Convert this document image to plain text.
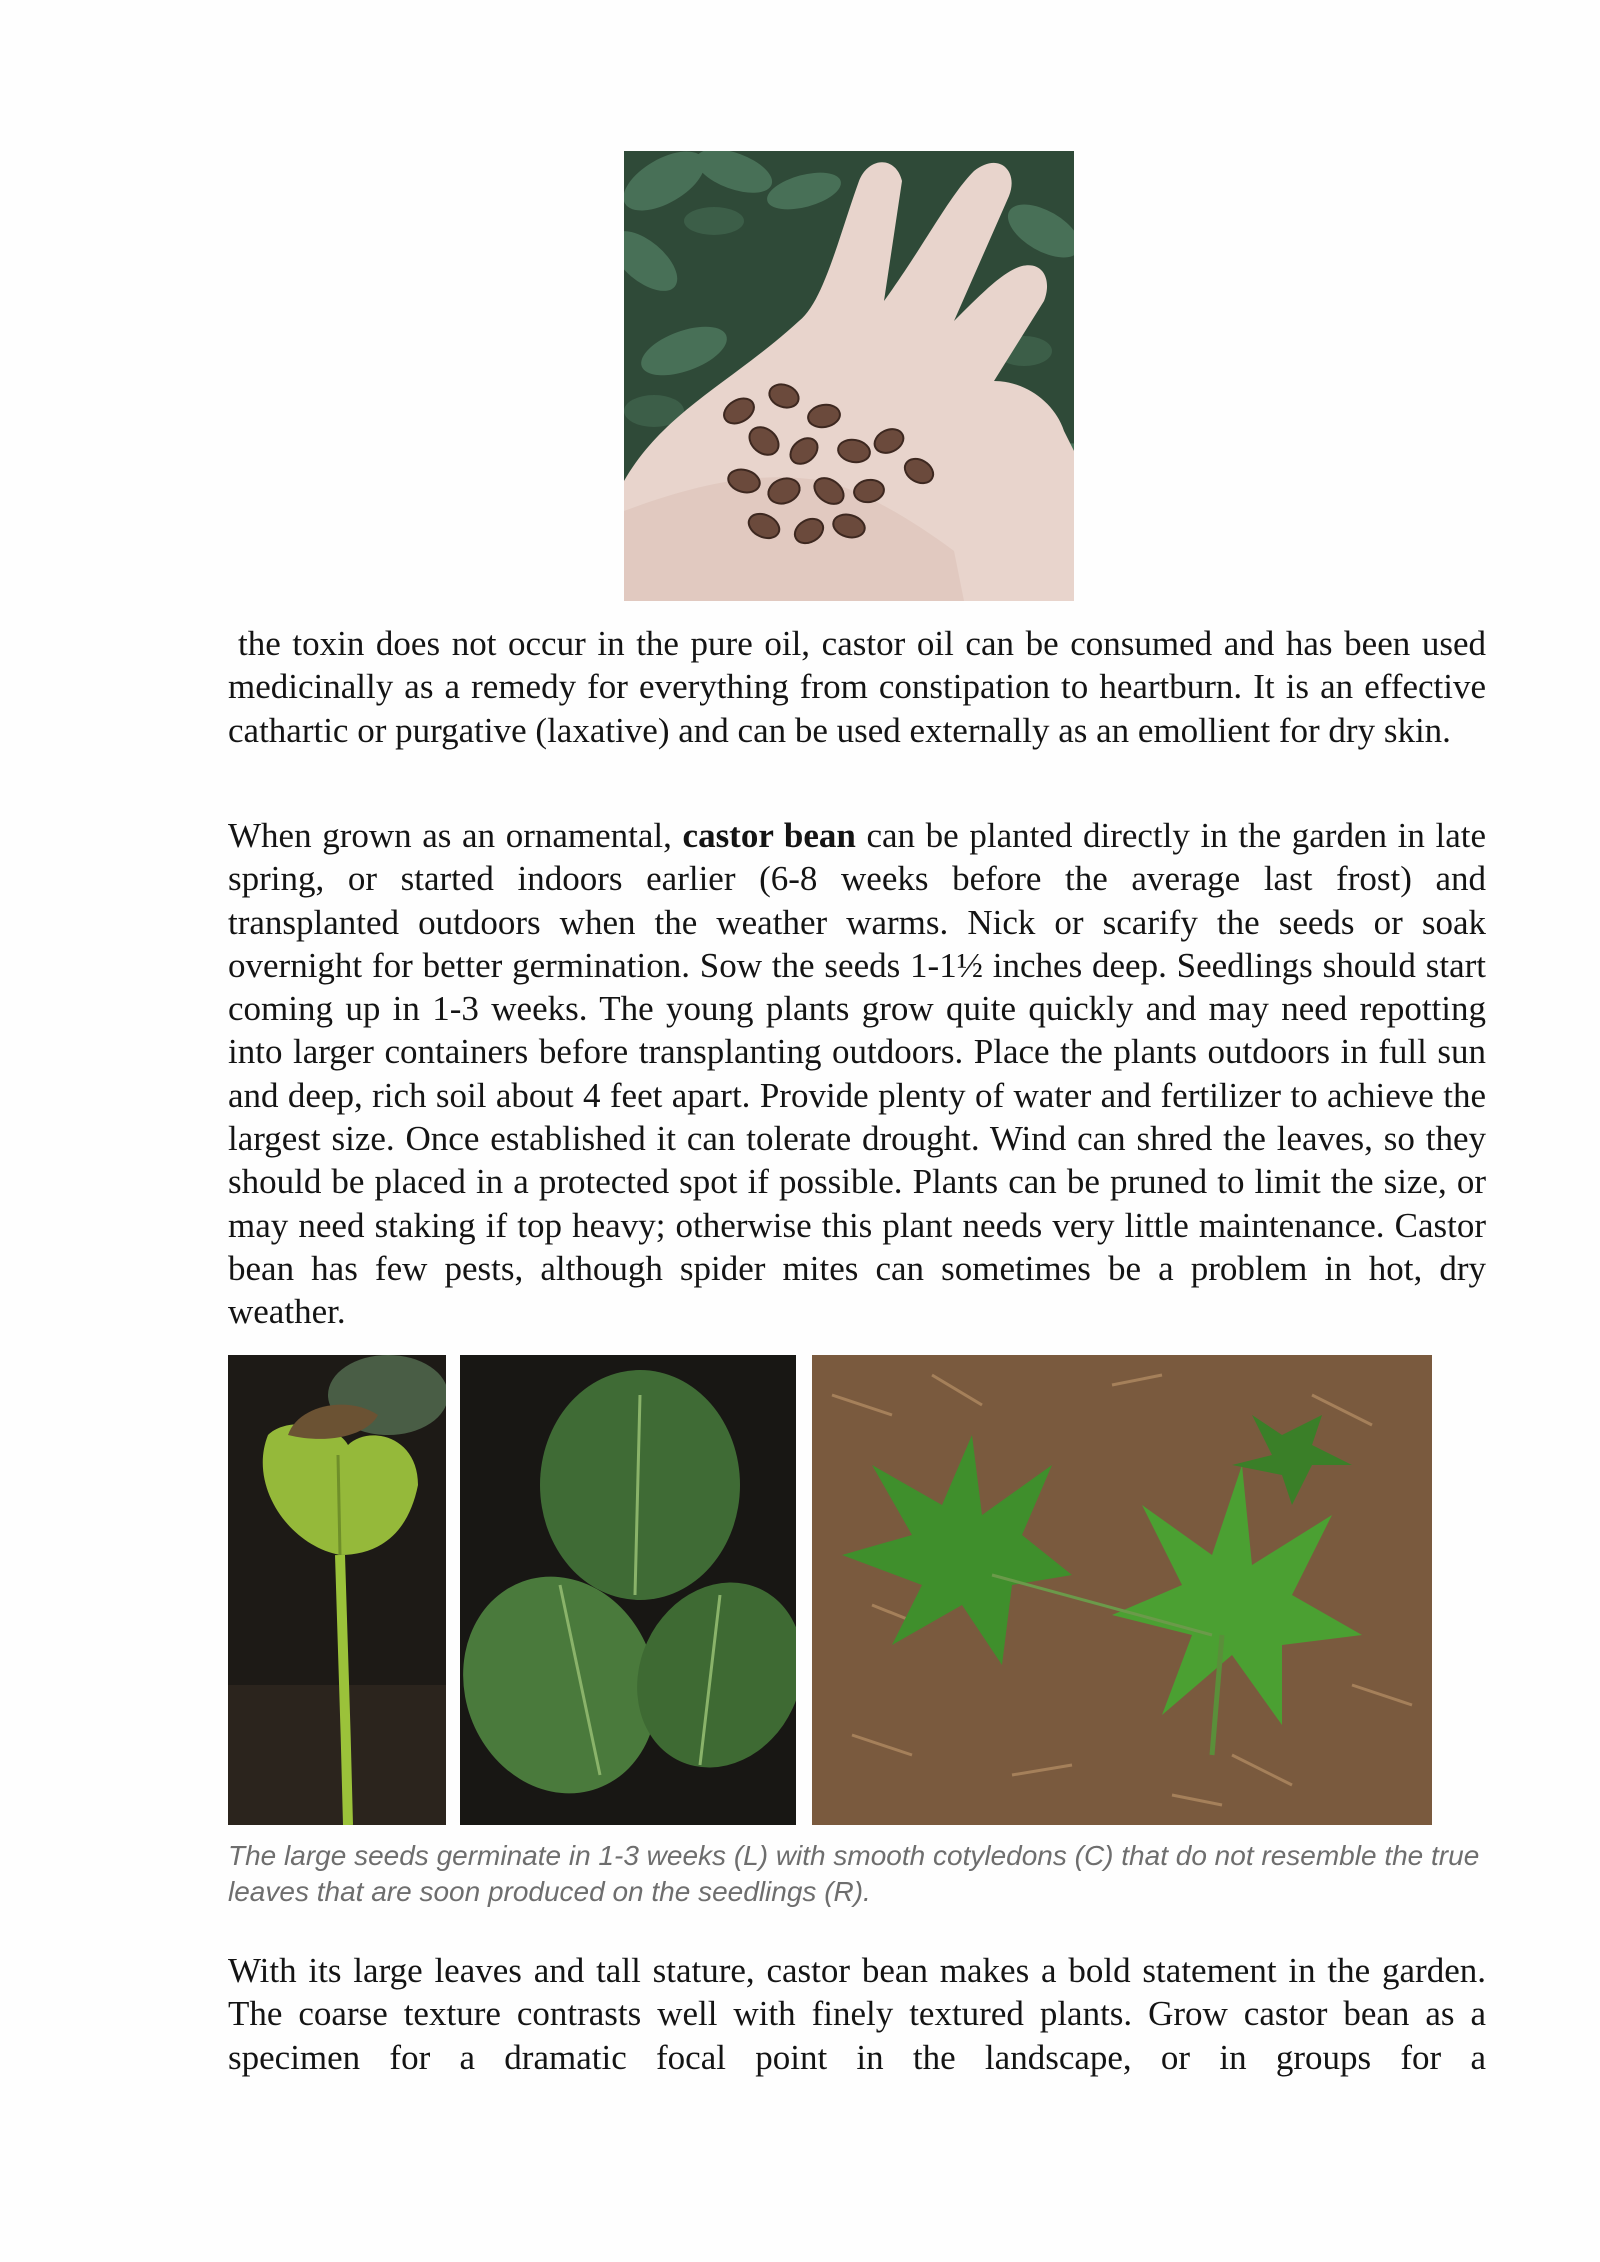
the toxin does not occur in the pure oil, castor oil can be consumed and has been used medicinally as a remedy for everything from constipation to heartburn. It is an effective cathartic or purgative (laxative) and can be used externally as an emollient for dry skin.

When grown as an ornamental, castor bean can be planted directly in the garden in late spring, or started indoors earlier (6-8 weeks before the average last frost) and transplanted outdoors when the weather warms. Nick or scarify the seeds or soak overnight for better germination. Sow the seeds 1-1½ inches deep. Seedlings should start coming up in 1-3 weeks. The young plants grow quite quickly and may need repotting into larger containers before transplanting outdoors. Place the plants outdoors in full sun and deep, rich soil about 4 feet apart. Provide plenty of water and fertilizer to achieve the largest size. Once established it can tolerate drought. Wind can shred the leaves, so they should be placed in a protected spot if possible. Plants can be pruned to limit the size, or may need staking if top heavy; otherwise this plant needs very little maintenance. Castor bean has few pests, although spider mites can sometimes be a problem in hot, dry weather.

The large seeds germinate in 1-3 weeks (L) with smooth cotyledons (C) that do not resemble the true leaves that are soon produced on the seedlings (R).

With its large leaves and tall stature, castor bean makes a bold statement in the garden. The coarse texture contrasts well with finely textured plants. Grow castor bean as a specimen for a dramatic focal point in the landscape, or in groups for a
